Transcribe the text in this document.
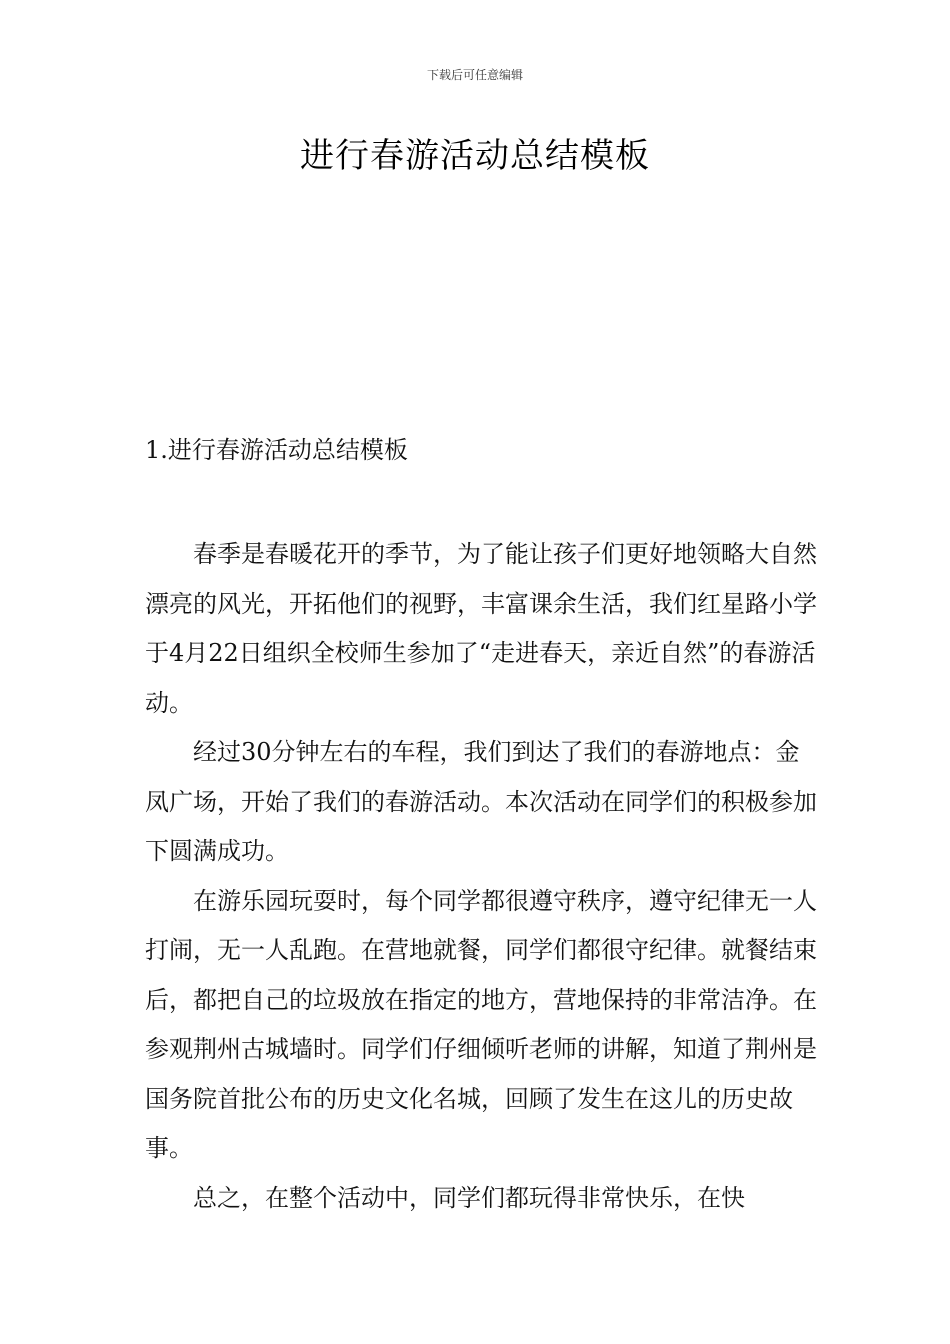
下载后可任意编辑
进行春游活动总结模板
1.进行春游活动总结模板

春季是春暖花开的季节，为了能让孩子们更好地领略大自然漂亮的风光，开拓他们的视野，丰富课余生活，我们红星路小学于4月22日组织全校师生参加了“走进春天，亲近自然”的春游活动。

经过30分钟左右的车程，我们到达了我们的春游地点：金凤广场，开始了我们的春游活动。本次活动在同学们的积极参加下圆满成功。

在游乐园玩耍时，每个同学都很遵守秩序，遵守纪律无一人打闹，无一人乱跑。在营地就餐，同学们都很守纪律。就餐结束后，都把自己的垃圾放在指定的地方，营地保持的非常洁净。在参观荆州古城墙时。同学们仔细倾听老师的讲解，知道了荆州是国务院首批公布的历史文化名城，回顾了发生在这儿的历史故事。

总之，在整个活动中，同学们都玩得非常快乐，在快
